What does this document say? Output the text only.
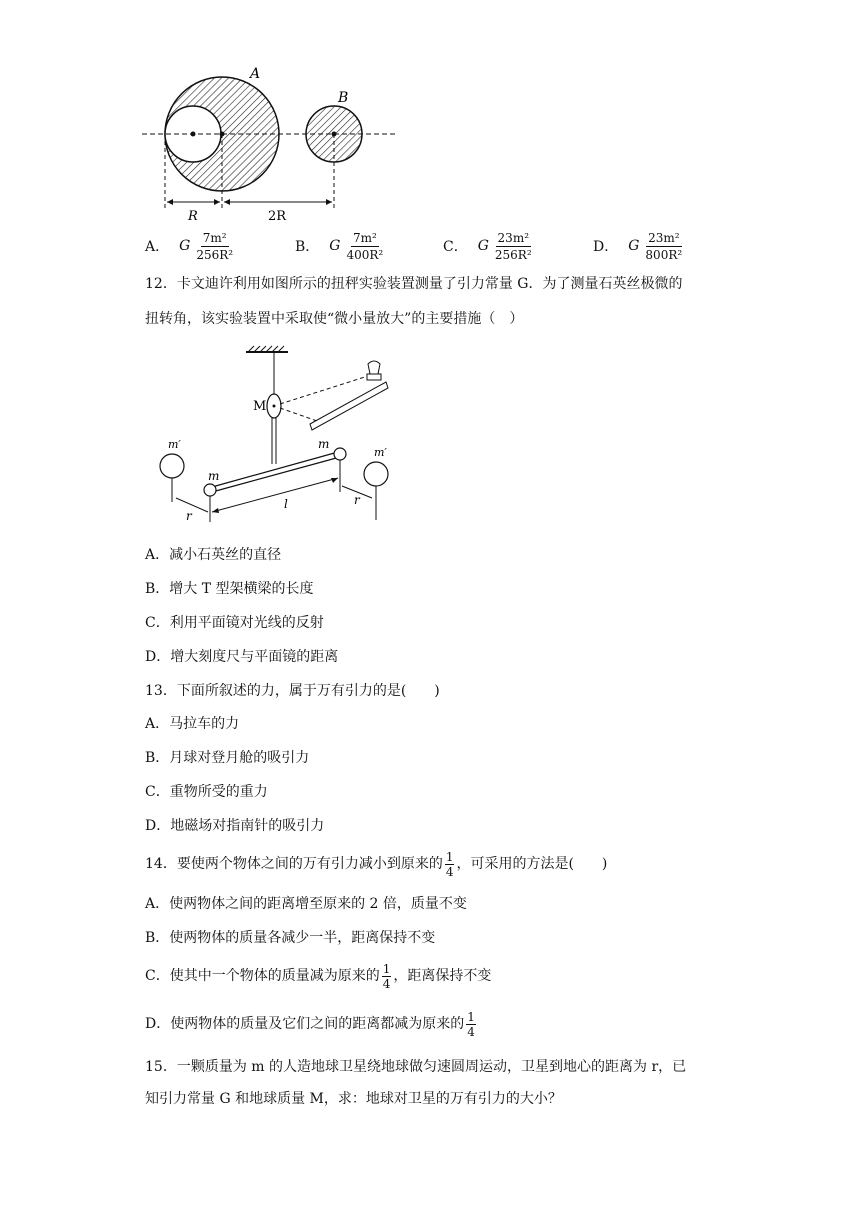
A
B
R	2R
A． G $\frac{\text{7m²}}{\text{256R²}}$	B． G $\frac{\text{7m²}}{\text{400R²}}$	C． G $\frac{\text{23m²}}{\text{256R²}}$	D． G $\frac{\text{23m²}}{\text{800R²}}$
12．卡文迪许利用如图所示的扭秤实验装置测量了引力常量 G．为了测量石英丝极微的
扭转角，该实验装置中采取使“微小量放大”的主要措施（　）
M
m
m
m′
m′
r
l	r
A．减小石英丝的直径
B．增大 T 型架横梁的长度
C．利用平面镜对光线的反射
D．增大刻度尺与平面镜的距离
13．下面所叙述的力，属于万有引力的是(　　)
A．马拉车的力
B．月球对登月舱的吸引力
C．重物所受的重力
D．地磁场对指南针的吸引力
14．要使两个物体之间的万有引力减小到原来的 $\frac{1}{4}$ ，可采用的方法是(　　)
A．使两物体之间的距离增至原来的 2 倍，质量不变
B．使两物体的质量各减少一半，距离保持不变
C．使其中一个物体的质量减为原来的 $\frac{1}{4}$ ，距离保持不变
D．使两物体的质量及它们之间的距离都减为原来的 $\frac{1}{4}$
15．一颗质量为 m 的人造地球卫星绕地球做匀速圆周运动，卫星到地心的距离为 r，已
知引力常量 G 和地球质量 M，求：地球对卫星的万有引力的大小？
